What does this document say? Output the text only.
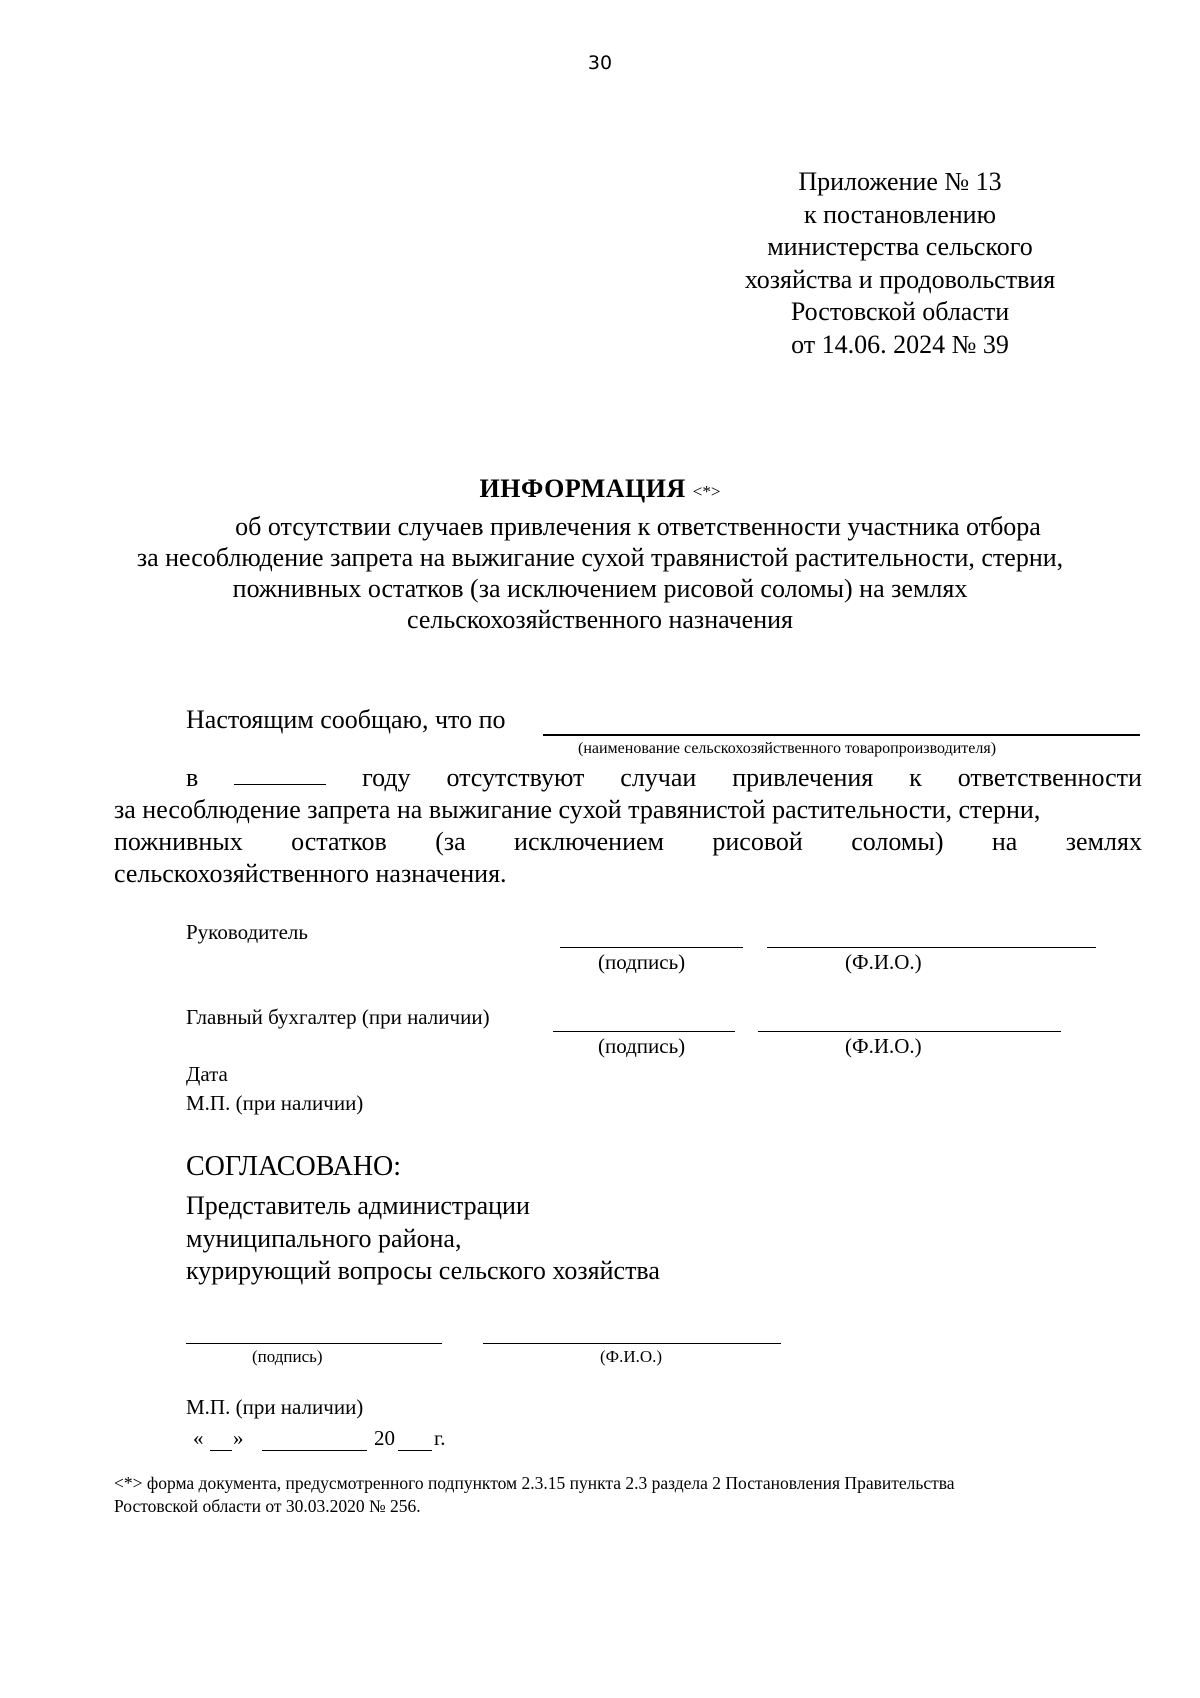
30
Приложение № 13
к постановлению
министерства сельского
хозяйства и продовольствия
Ростовской области
от 14.06. 2024 № 39
ИНФОРМАЦИЯ <*>
об отсутствии случаев привлечения к ответственности участника отбора
за несоблюдение запрета на выжигание сухой травянистой растительности, стерни,
пожнивных остатков (за исключением рисовой соломы) на землях
сельскохозяйственного назначения
Настоящим сообщаю, что по
(наименование сельскохозяйственного товаропроизводителя)
в	году отсутствуют случаи привлечения к ответственности
за несоблюдение запрета на выжигание сухой травянистой растительности, стерни,
пожнивных остатков (за исключением рисовой соломы) на землях
сельскохозяйственного назначения.
Руководитель
(подпись)	(Ф.И.О.)
Главный бухгалтер (при наличии)
(подпись)	(Ф.И.О.)
Дата
М.П. (при наличии)
СОГЛАСОВАНО:
Представитель администрации
муниципального района,
курирующий вопросы сельского хозяйства
(подпись)	(Ф.И.О.)
М.П. (при наличии)
« »	20 г.
<*> форма документа, предусмотренного подпунктом 2.3.15 пункта 2.3 раздела 2 Постановления Правительства
Ростовской области от 30.03.2020 № 256.
